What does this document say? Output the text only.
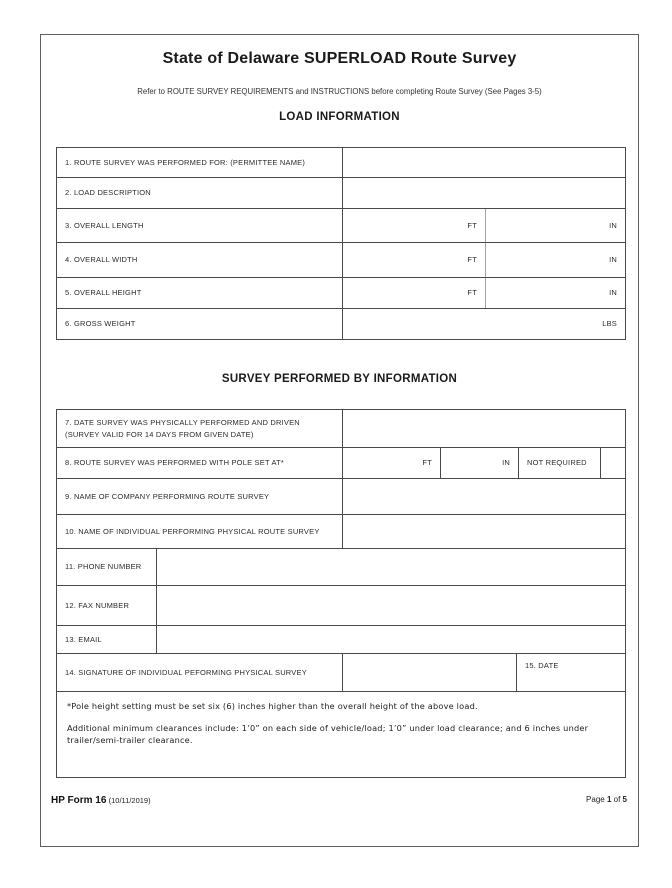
State of Delaware SUPERLOAD Route Survey
Refer to ROUTE SURVEY REQUIREMENTS and INSTRUCTIONS before completing Route Survey (See Pages 3-5)
LOAD INFORMATION
1. ROUTE SURVEY WAS PERFORMED FOR: (PERMITTEE NAME)
2. LOAD DESCRIPTION
3. OVERALL LENGTH	FT	IN
4. OVERALL WIDTH	FT	IN
5. OVERALL HEIGHT	FT	IN
6. GROSS WEIGHT	LBS
SURVEY PERFORMED BY INFORMATION
7. DATE SURVEY WAS PHYSICALLY PERFORMED AND DRIVEN (SURVEY VALID FOR 14 DAYS FROM GIVEN DATE)
8. ROUTE SURVEY WAS PERFORMED WITH POLE SET AT*	FT	IN	NOT REQUIRED
9. NAME OF COMPANY PERFORMING ROUTE SURVEY
10. NAME OF INDIVIDUAL PERFORMING PHYSICAL ROUTE SURVEY
11. PHONE NUMBER
12. FAX NUMBER
13. EMAIL
14. SIGNATURE OF INDIVIDUAL PEFORMING PHYSICAL SURVEY
15. DATE

*Pole height setting must be set six (6) inches higher than the overall height of the above load.

Additional minimum clearances include: 1’0” on each side of vehicle/load; 1’0” under load clearance; and 6 inches under trailer/semi-trailer clearance.

HP Form 16 (10/11/2019)	Page 1 of 5
